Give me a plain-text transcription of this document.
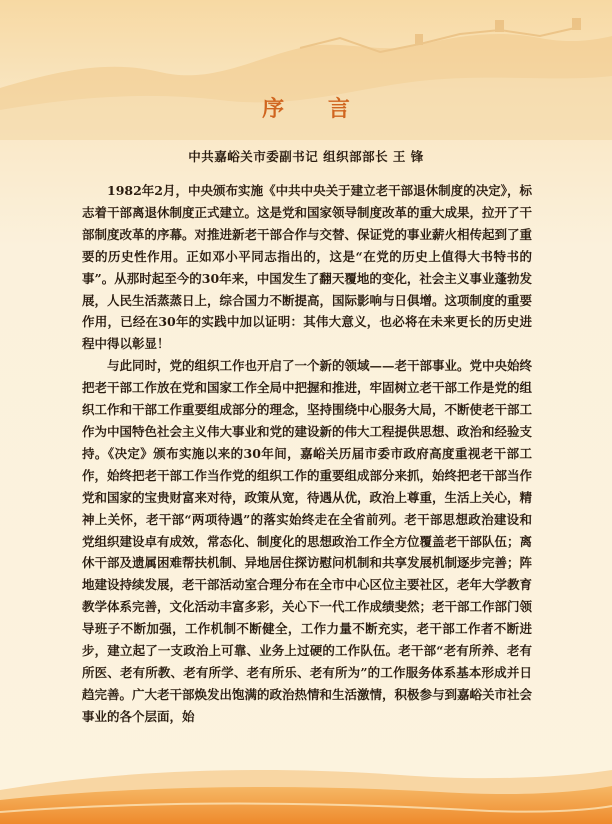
序 言
中共嘉峪关市委副书记 组织部部长 王 锋

1982年2月，中央颁布实施《中共中央关于建立老干部退休制度的决定》，标志着干部离退休制度正式建立。这是党和国家领导制度改革的重大成果，拉开了干部制度改革的序幕。对推进新老干部合作与交替、保证党的事业薪火相传起到了重要的历史性作用。正如邓小平同志指出的，这是“在党的历史上值得大书特书的事”。从那时起至今的30年来，中国发生了翻天覆地的变化，社会主义事业蓬勃发展，人民生活蒸蒸日上，综合国力不断提高，国际影响与日俱增。这项制度的重要作用，已经在30年的实践中加以证明：其伟大意义，也必将在未来更长的历史进程中得以彰显！

与此同时，党的组织工作也开启了一个新的领域——老干部事业。党中央始终把老干部工作放在党和国家工作全局中把握和推进，牢固树立老干部工作是党的组织工作和干部工作重要组成部分的理念，坚持围绕中心服务大局，不断使老干部工作为中国特色社会主义伟大事业和党的建设新的伟大工程提供思想、政治和经验支持。《决定》颁布实施以来的30年间，嘉峪关历届市委市政府高度重视老干部工作，始终把老干部工作当作党的组织工作的重要组成部分来抓，始终把老干部当作党和国家的宝贵财富来对待，政策从宽，待遇从优，政治上尊重，生活上关心，精神上关怀，老干部“两项待遇”的落实始终走在全省前列。老干部思想政治建设和党组织建设卓有成效，常态化、制度化的思想政治工作全方位覆盖老干部队伍；离休干部及遗属困难帮扶机制、异地居住探访慰问机制和共享发展机制逐步完善；阵地建设持续发展，老干部活动室合理分布在全市中心区位主要社区，老年大学教育教学体系完善，文化活动丰富多彩，关心下一代工作成绩斐然；老干部工作部门领导班子不断加强，工作机制不断健全，工作力量不断充实，老干部工作者不断进步，建立起了一支政治上可靠、业务上过硬的工作队伍。老干部“老有所养、老有所医、老有所教、老有所学、老有所乐、老有所为”的工作服务体系基本形成并日趋完善。广大老干部焕发出饱满的政治热情和生活激情，积极参与到嘉峪关市社会事业的各个层面，始
